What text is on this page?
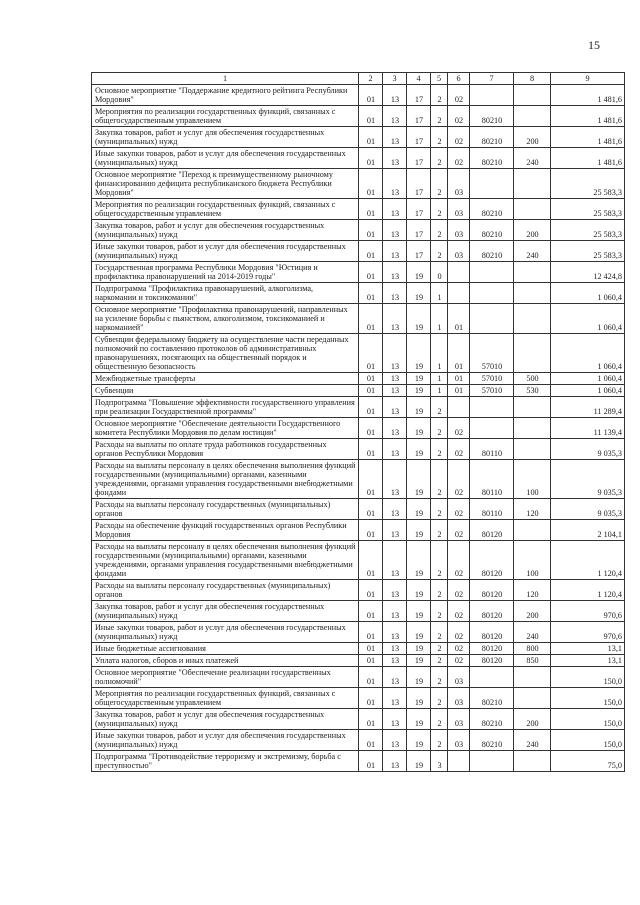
15
1	2	3	4	5	6	7	8	9
Основное мероприятие "Поддержание кредитного рейтинга Республики Мордовия"	01	13	17	2	02			1 481,6
Мероприятия по реализации государственных функций, связанных с общегосударственным управлением	01	13	17	2	02	80210		1 481,6
Закупка товаров, работ и услуг для обеспечения государственных (муниципальных) нужд	01	13	17	2	02	80210	200	1 481,6
Иные закупки товаров, работ и услуг для обеспечения государственных (муниципальных) нужд	01	13	17	2	02	80210	240	1 481,6
Основное мероприятие "Переход к преимущественному рыночному финансированию дефицита республиканского бюджета Республики Мордовия"	01	13	17	2	03			25 583,3
Мероприятия по реализации государственных функций, связанных с общегосударственным управлением	01	13	17	2	03	80210		25 583,3
Закупка товаров, работ и услуг для обеспечения государственных (муниципальных) нужд	01	13	17	2	03	80210	200	25 583,3
Иные закупки товаров, работ и услуг для обеспечения государственных (муниципальных) нужд	01	13	17	2	03	80210	240	25 583,3
Государственная программа Республики Мордовия "Юстиция и профилактика правонарушений на 2014-2019 годы"	01	13	19	0				12 424,8
Подпрограмма "Профилактика правонарушений, алкоголизма, наркомании и токсикомании"	01	13	19	1				1 060,4
Основное мероприятие "Профилактика правонарушений, направленных на усиление борьбы с пьянством, алкоголизмом, токсикоманией и наркоманией"	01	13	19	1	01			1 060,4
Субвенции федеральному бюджету на осуществление части переданных полномочий по составлению протоколов об административных правонарушениях, посягающих на общественный порядок и общественную безопасность	01	13	19	1	01	57010		1 060,4
Межбюджетные трансферты	01	13	19	1	01	57010	500	1 060,4
Субвенции	01	13	19	1	01	57010	530	1 060,4
Подпрограмма "Повышение эффективности государственного управления при реализации Государственной программы"	01	13	19	2				11 289,4
Основное мероприятие "Обеспечение деятельности Государственного комитета Республики Мордовия по делам юстиции"	01	13	19	2	02			11 139,4
Расходы на выплаты по оплате труда работников государственных органов Республики Мордовия	01	13	19	2	02	80110		9 035,3
Расходы на выплаты персоналу в целях обеспечения выполнения функций государственными (муниципальными) органами, казенными учреждениями, органами управления государственными внебюджетными фондами	01	13	19	2	02	80110	100	9 035,3
Расходы на выплаты персоналу государственных (муниципальных) органов	01	13	19	2	02	80110	120	9 035,3
Расходы на обеспечение функций государственных органов Республики Мордовия	01	13	19	2	02	80120		2 104,1
Расходы на выплаты персоналу в целях обеспечения выполнения функций государственными (муниципальными) органами, казенными учреждениями, органами управления государственными внебюджетными фондами	01	13	19	2	02	80120	100	1 120,4
Расходы на выплаты персоналу государственных (муниципальных) органов	01	13	19	2	02	80120	120	1 120,4
Закупка товаров, работ и услуг для обеспечения государственных (муниципальных) нужд	01	13	19	2	02	80120	200	970,6
Иные закупки товаров, работ и услуг для обеспечения государственных (муниципальных) нужд	01	13	19	2	02	80120	240	970,6
Иные бюджетные ассигнования	01	13	19	2	02	80120	800	13,1
Уплата налогов, сборов и иных платежей	01	13	19	2	02	80120	850	13,1
Основное мероприятие "Обеспечение реализации государственных полномочий"	01	13	19	2	03			150,0
Мероприятия по реализации государственных функций, связанных с общегосударственным управлением	01	13	19	2	03	80210		150,0
Закупка товаров, работ и услуг для обеспечения государственных (муниципальных) нужд	01	13	19	2	03	80210	200	150,0
Иные закупки товаров, работ и услуг для обеспечения государственных (муниципальных) нужд	01	13	19	2	03	80210	240	150,0
Подпрограмма "Противодействие терроризму и экстремизму, борьба с преступностью"	01	13	19	3				75,0
